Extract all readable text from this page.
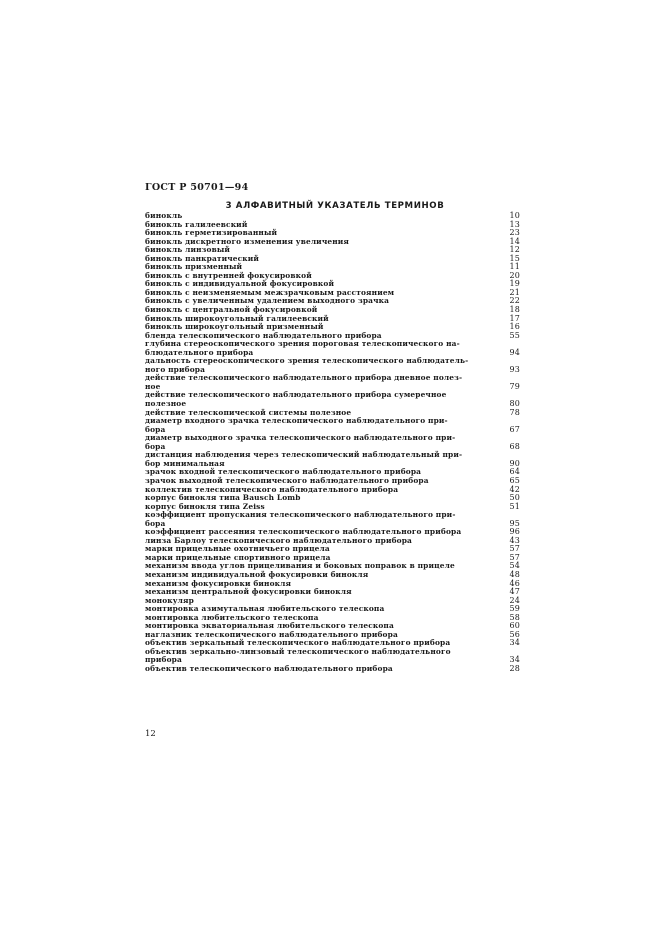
ГОСТ Р 50701—94
3 АЛФАВИТНЫЙ УКАЗАТЕЛЬ ТЕРМИНОВ
бинокль	10
бинокль галилеевский	13
бинокль герметизированный	23
бинокль дискретного изменения увеличения	14
бинокль линзовый	12
бинокль панкратический	15
бинокль призменный	11
бинокль с внутренней фокусировкой	20
бинокль с индивидуальной фокусировкой	19
бинокль с неизменяемым межзрачковым расстоянием	21
бинокль с увеличенным удалением выходного зрачка	22
бинокль с центральной фокусировкой	18
бинокль широкоугольный галилеевский	17
бинокль широкоугольный призменный	16
бленда телескопического наблюдательного прибора	55
глубина стереоскопического зрения пороговая телескопического на-
блюдательного прибора	94
дальность стереоскопического зрения телескопического наблюдатель-
ного прибора	93
действие телескопического наблюдательного прибора дневное полез-
ное	79
действие телескопического наблюдательного прибора сумеречное
полезное	80
действие телескопической системы полезное	78
диаметр входного зрачка телескопического наблюдательного при-
бора	67
диаметр выходного зрачка телескопического наблюдательного при-
бора	68
дистанция наблюдения через телескопический наблюдательный при-
бор минимальная	90
зрачок входной телескопического наблюдательного прибора	64
зрачок выходной телескопического наблюдательного прибора	65
коллектив телескопического наблюдательного прибора	42
корпус бинокля типа Bausch Lomb	50
корпус бинокля типа Zeiss	51
коэффициент пропускания телескопического наблюдательного при-
бора	95
коэффициент рассеяния телескопического наблюдательного прибора	96
линза Барлоу телескопического наблюдательного прибора	43
марки прицельные охотничьего прицела	57
марки прицельные спортивного прицела	57
механизм ввода углов прицеливания и боковых поправок в прицеле	54
механизм индивидуальной фокусировки бинокля	48
механизм фокусировки бинокля	46
механизм центральной фокусировки бинокля	47
монокуляр	24
монтировка азимутальная любительского телескопа	59
монтировка любительского телескопа	58
монтировка экваториальная любительского телескопа	60
наглазник телескопического наблюдательного прибора	56
объектив зеркальный телескопического наблюдательного прибора	34
объектив зеркально-линзовый телескопического наблюдательного
прибора	34
объектив телескопического наблюдательного прибора	28
12
